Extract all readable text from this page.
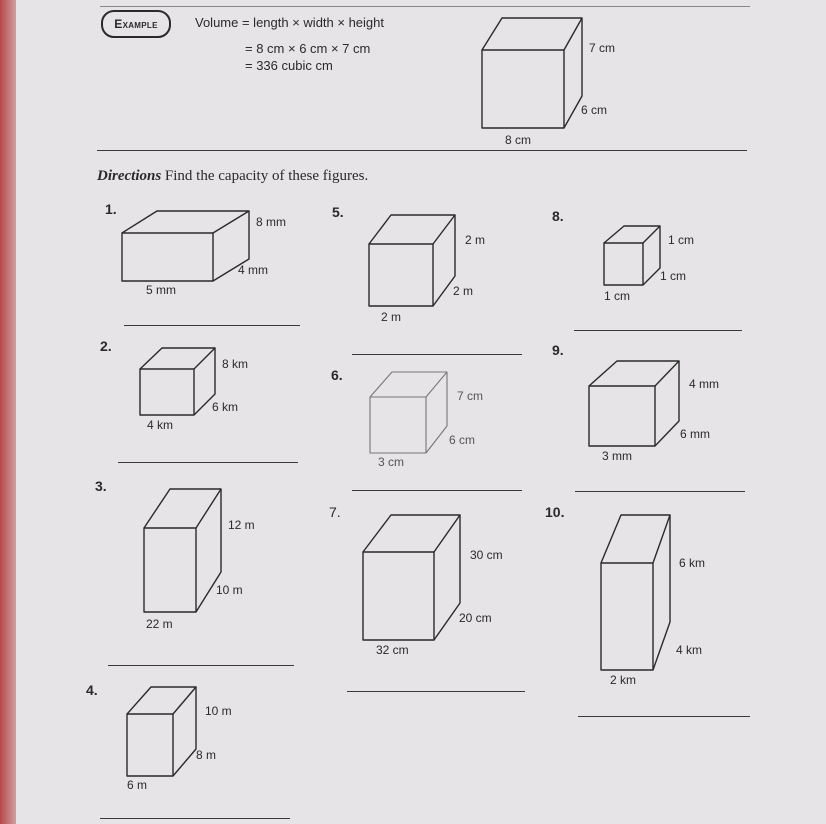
Example	Volume = length × width × height
= 8 cm × 6 cm × 7 cm
= 336 cubic cm
Directions Find the capacity of these figures.
7 cm
6 cm
8 cm
1.
2.
3.
4.
5.
6.
7.
8.
9.
10.
8 mm
4 mm
5 mm
8 km
6 km
4 km
12 m
10 m
22 m
10 m
8 m
6 m
2 m
2 m
2 m
7 cm
6 cm
3 cm
30 cm
20 cm
32 cm
1 cm
1 cm
1 cm
4 mm
6 mm
3 mm
6 km
4 km
2 km
